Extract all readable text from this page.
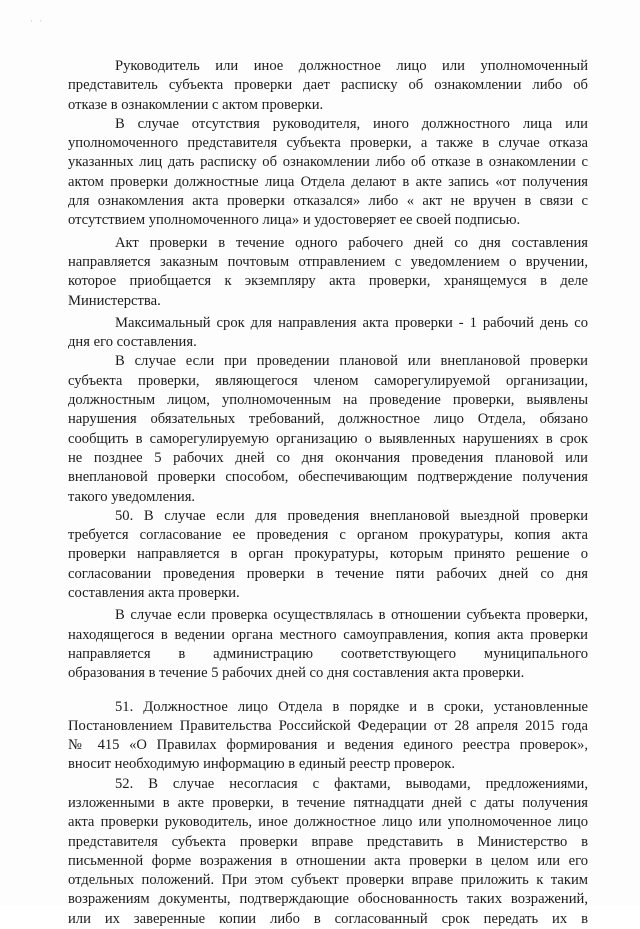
· ·
Руководитель или иное должностное лицо или уполномоченный
представитель субъекта проверки дает расписку об ознакомлении либо об
отказе в ознакомлении с актом проверки.
В случае отсутствия руководителя, иного должностного лица или
уполномоченного представителя субъекта проверки, а также в случае отказа
указанных лиц дать расписку об ознакомлении либо об отказе в ознакомлении с
актом проверки должностные лица Отдела делают в акте запись «от получения
для ознакомления акта проверки отказался» либо « акт не вручен в связи с
отсутствием уполномоченного лица» и удостоверяет ее своей подписью.
Акт проверки в течение одного рабочего дней со дня составления
направляется заказным почтовым отправлением с уведомлением о вручении,
которое приобщается к экземпляру акта проверки, хранящемуся в деле
Министерства.
Максимальный срок для направления акта проверки - 1 рабочий день со
дня его составления.
В случае если при проведении плановой или внеплановой проверки
субъекта проверки, являющегося членом саморегулируемой организации,
должностным лицом, уполномоченным на проведение проверки, выявлены
нарушения обязательных требований, должностное лицо Отдела, обязано
сообщить в саморегулируемую организацию о выявленных нарушениях в срок
не позднее 5 рабочих дней со дня окончания проведения плановой или
внеплановой проверки способом, обеспечивающим подтверждение получения
такого уведомления.
50. В случае если для проведения внеплановой выездной проверки
требуется согласование ее проведения с органом прокуратуры, копия акта
проверки направляется в орган прокуратуры, которым принято решение о
согласовании проведения проверки в течение пяти рабочих дней со дня
составления акта проверки.
В случае если проверка осуществлялась в отношении субъекта проверки,
находящегося в ведении органа местного самоуправления, копия акта проверки
направляется в администрацию соответствующего муниципального
образования в течение 5 рабочих дней со дня составления акта проверки.
51. Должностное лицо Отдела в порядке и в сроки, установленные
Постановлением Правительства Российской Федерации от 28 апреля 2015 года
№ 415 «О Правилах формирования и ведения единого реестра проверок»,
вносит необходимую информацию в единый реестр проверок.
52. В случае несогласия с фактами, выводами, предложениями,
изложенными в акте проверки, в течение пятнадцати дней с даты получения
акта проверки руководитель, иное должностное лицо или уполномоченное лицо
представителя субъекта проверки вправе представить в Министерство в
письменной форме возражения в отношении акта проверки в целом или его
отдельных положений. При этом субъект проверки вправе приложить к таким
возражениям документы, подтверждающие обоснованность таких возражений,
или их заверенные копии либо в согласованный срок передать их в
